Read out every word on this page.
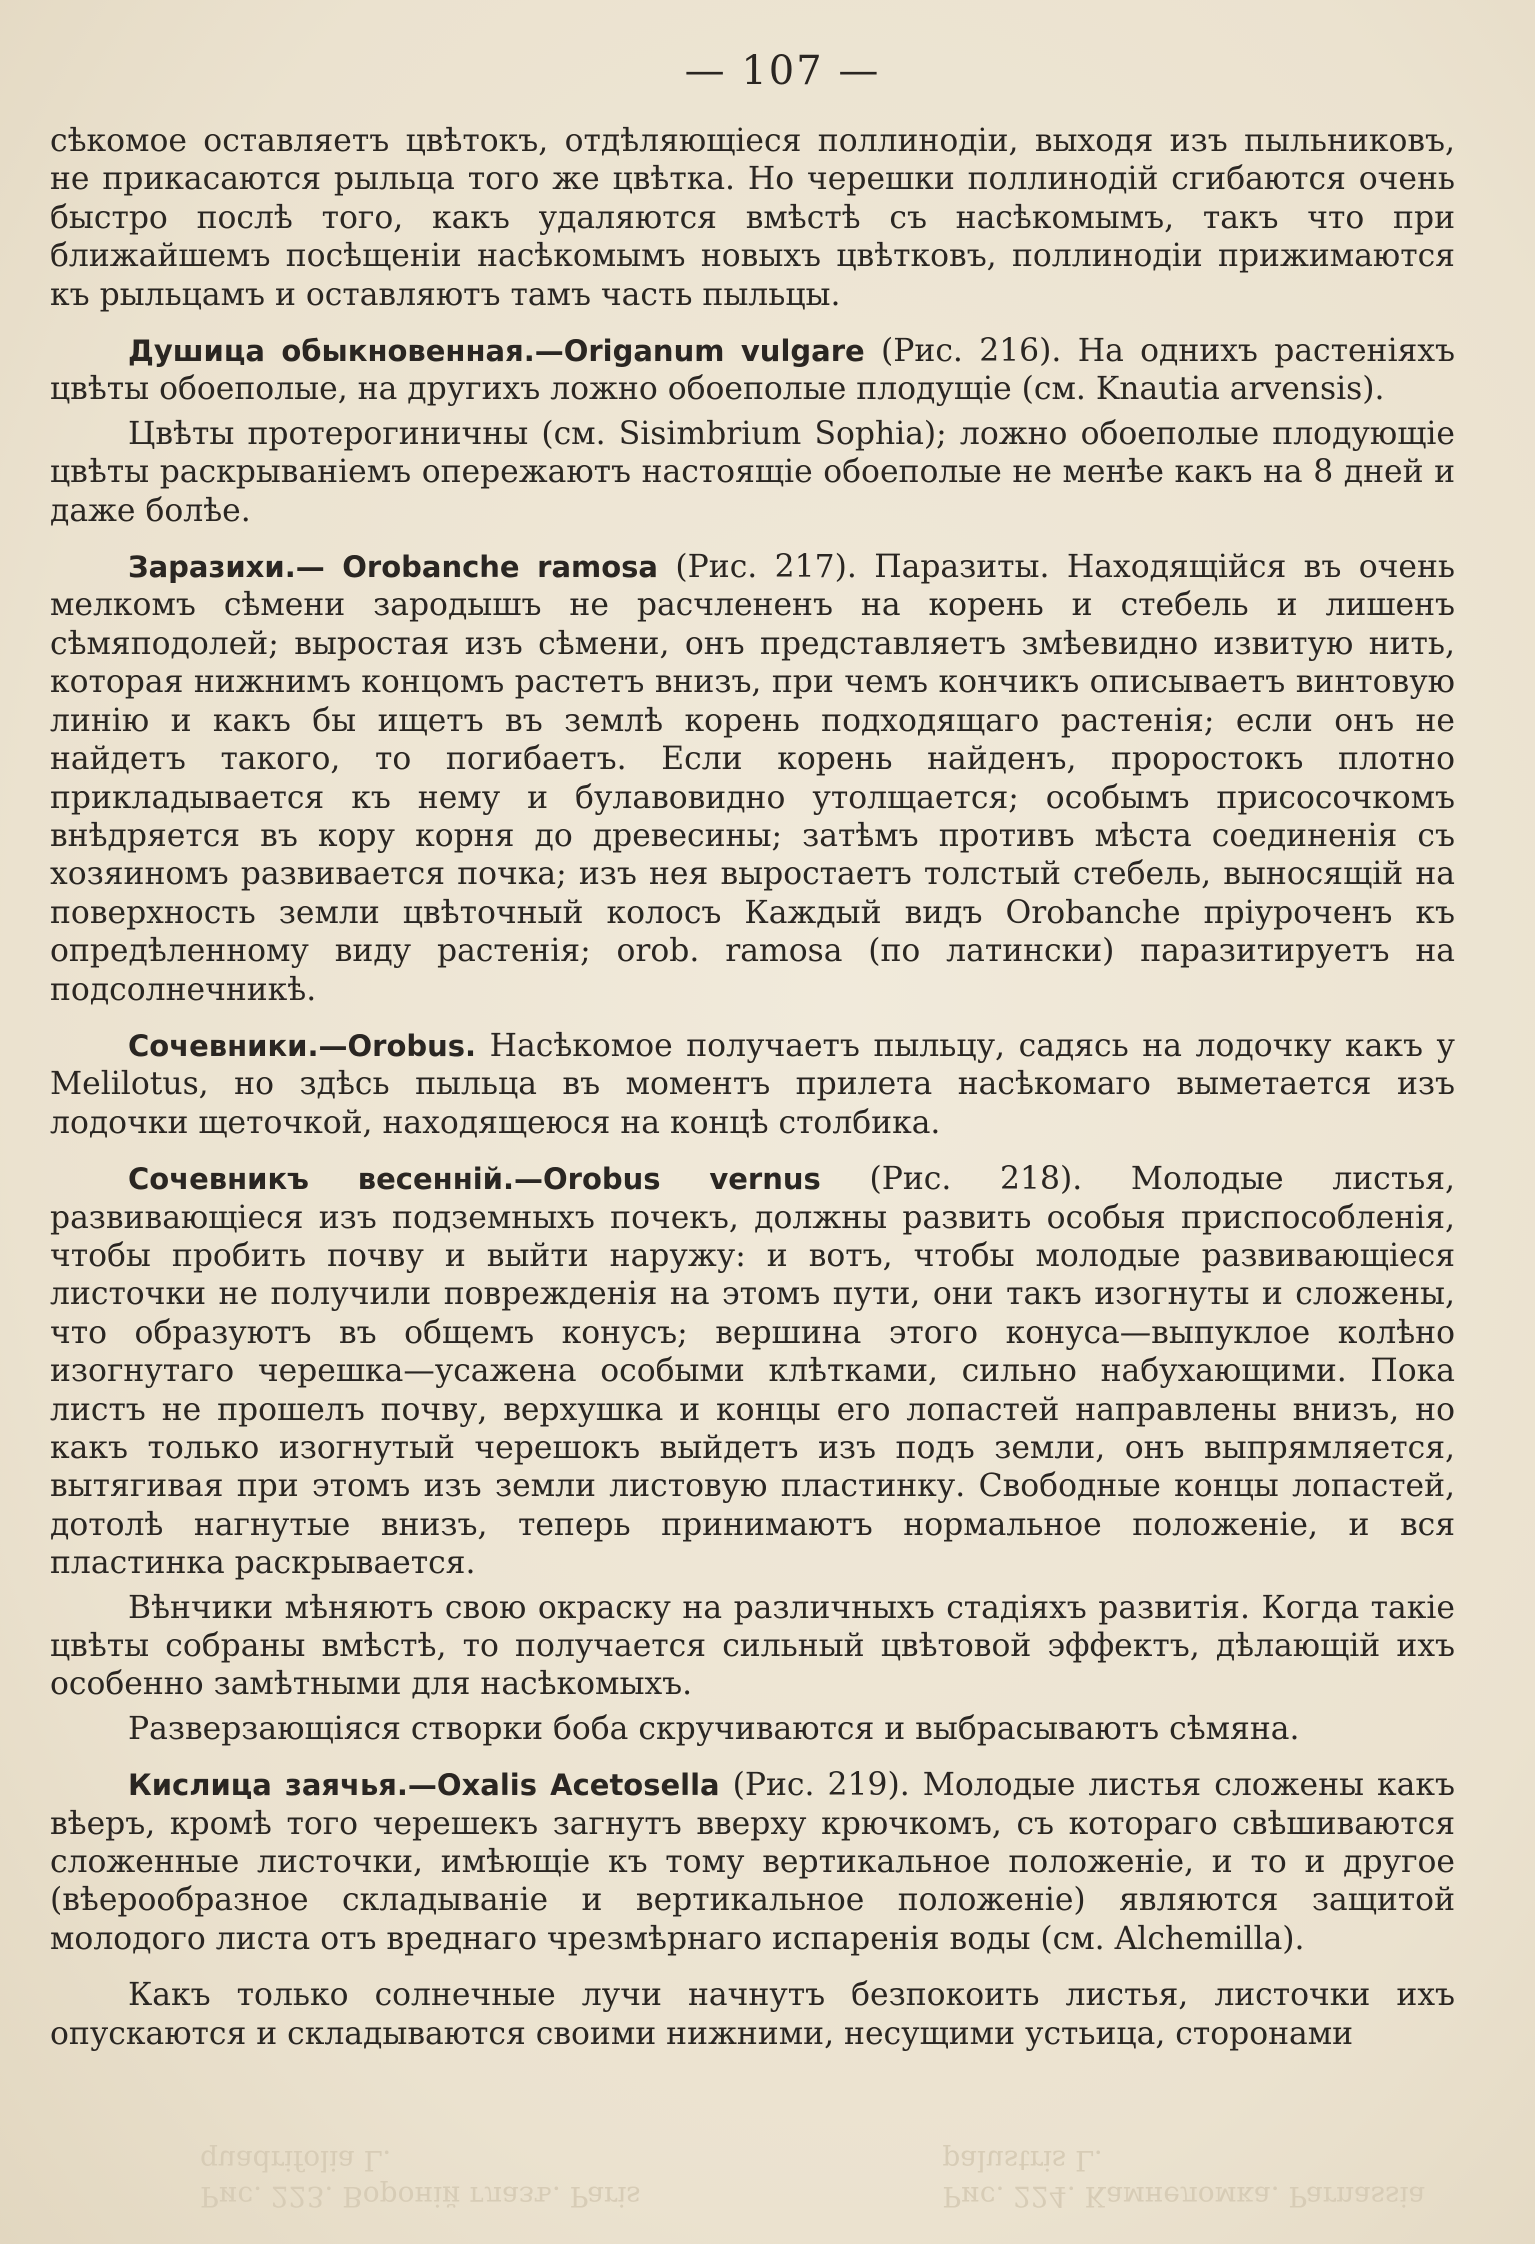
— 107 —

сѣкомое оставляетъ цвѣтокъ, отдѣляющіеся поллинодіи, выходя изъ пыльниковъ, не прикасаются рыльца того же цвѣтка. Но черешки поллинодій сгибаются очень быстро послѣ того, какъ удаляются вмѣстѣ съ насѣкомымъ, такъ что при ближайшемъ посѣщеніи насѣкомымъ новыхъ цвѣтковъ, поллинодіи прижимаются къ рыльцамъ и оставляютъ тамъ часть пыльцы.

Душица обыкновенная.—Origanum vulgare (Рис. 216). На однихъ растеніяхъ цвѣты обоеполые, на другихъ ложно обоеполые плодущіе (см. Knautia arvensis).

Цвѣты протерогиничны (см. Sisimbrium Sophia); ложно обоеполые плодующіе цвѣты раскрываніемъ опережаютъ настоящіе обоеполые не менѣе какъ на 8 дней и даже болѣе.

Заразихи.— Orobanche ramosa (Рис. 217). Паразиты. Находящійся въ очень мелкомъ сѣмени зародышъ не расчлененъ на корень и стебель и лишенъ сѣмяподолей; выростая изъ сѣмени, онъ представляетъ змѣевидно извитую нить, которая нижнимъ концомъ растетъ внизъ, при чемъ кончикъ описываетъ винтовую линію и какъ бы ищетъ въ землѣ корень подходящаго растенія; если онъ не найдетъ такого, то погибаетъ. Если корень найденъ, проростокъ плотно прикладывается къ нему и булавовидно утолщается; особымъ присосочкомъ внѣдряется въ кору корня до древесины; затѣмъ противъ мѣста соединенія съ хозяиномъ развивается почка; изъ нея выростаетъ толстый стебель, выносящій на поверхность земли цвѣточный колосъ Каждый видъ Orobanche пріуроченъ къ опредѣленному виду растенія; orob. ramosa (по латински) паразитируетъ на подсолнечникѣ.

Сочевники.—Orobus. Насѣкомое получаетъ пыльцу, садясь на лодочку какъ у Melilotus, но здѣсь пыльца въ моментъ прилета насѣкомаго выметается изъ лодочки щеточкой, находящеюся на концѣ столбика.

Сочевникъ весенній.—Orobus vernus (Рис. 218). Молодые листья, развивающіеся изъ подземныхъ почекъ, должны развить особыя приспособленія, чтобы пробить почву и выйти наружу: и вотъ, чтобы молодые развивающіеся листочки не получили поврежденія на этомъ пути, они такъ изогнуты и сложены, что образуютъ въ общемъ конусъ; вершина этого конуса—выпуклое колѣно изогнутаго черешка—усажена особыми клѣтками, сильно набухающими. Пока листъ не прошелъ почву, верхушка и концы его лопастей направлены внизъ, но какъ только изогнутый черешокъ выйдетъ изъ подъ земли, онъ выпрямляется, вытягивая при этомъ изъ земли листовую пластинку. Свободные концы лопастей, дотолѣ нагнутые внизъ, теперь принимаютъ нормальное положеніе, и вся пластинка раскрывается.

Вѣнчики мѣняютъ свою окраску на различныхъ стадіяхъ развитія. Когда такіе цвѣты собраны вмѣстѣ, то получается сильный цвѣтовой эффектъ, дѣлающій ихъ особенно замѣтными для насѣкомыхъ.

Разверзающіяся створки боба скручиваются и выбрасываютъ сѣмяна.

Кислица заячья.—Oxalis Acetosella (Рис. 219). Молодые листья сложены какъ вѣеръ, кромѣ того черешекъ загнутъ вверху крючкомъ, съ котораго свѣшиваются сложенные листочки, имѣющіе къ тому вертикальное положеніе, и то и другое (вѣерообразное складываніе и вертикальное положеніе) являются защитой молодого листа отъ вреднаго чрезмѣрнаго испаренія воды (см. Alchemilla).

Какъ только солнечные лучи начнутъ безпокоить листья, листочки ихъ опускаются и складываются своими нижними, несущими устьица, сторонами

Рис. 223. Вороній глазъ. Paris quadrifolia L.
Рис. 224. Камнеломка. Parnassia palustris L.
